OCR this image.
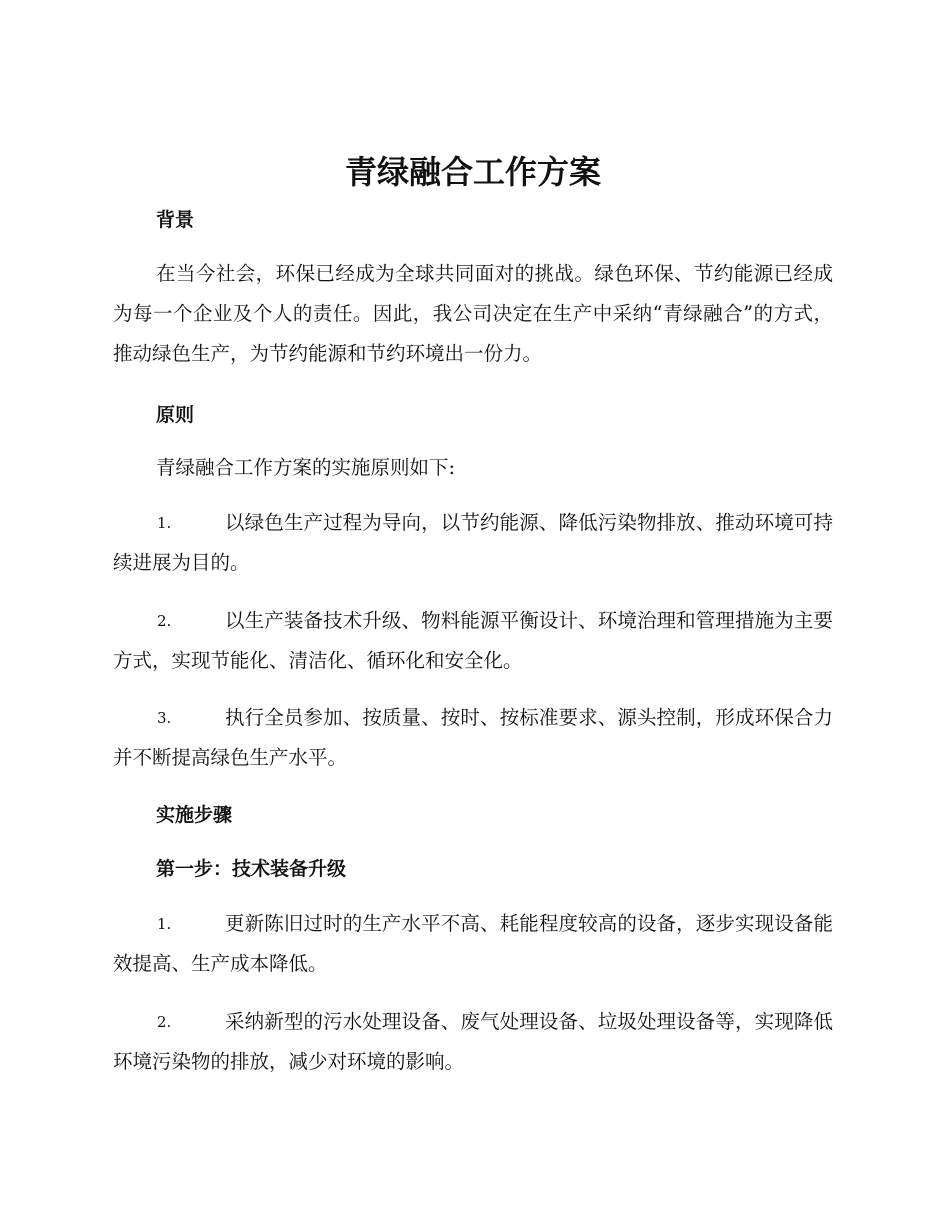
青绿融合工作方案
背景

在当今社会，环保已经成为全球共同面对的挑战。绿色环保、节约能源已经成为每一个企业及个人的责任。因此，我公司决定在生产中采纳“青绿融合”的方式，推动绿色生产，为节约能源和节约环境出一份力。

原则

青绿融合工作方案的实施原则如下:

1.	以绿色生产过程为导向，以节约能源、降低污染物排放、推动环境可持续进展为目的。
2.	以生产装备技术升级、物料能源平衡设计、环境治理和管理措施为主要方式，实现节能化、清洁化、循环化和安全化。
3.	执行全员参加、按质量、按时、按标准要求、源头控制，形成环保合力并不断提高绿色生产水平。
实施步骤
第一步：技术装备升级
1.	更新陈旧过时的生产水平不高、耗能程度较高的设备，逐步实现设备能效提高、生产成本降低。
2.	采纳新型的污水处理设备、废气处理设备、垃圾处理设备等，实现降低环境污染物的排放，减少对环境的影响。
